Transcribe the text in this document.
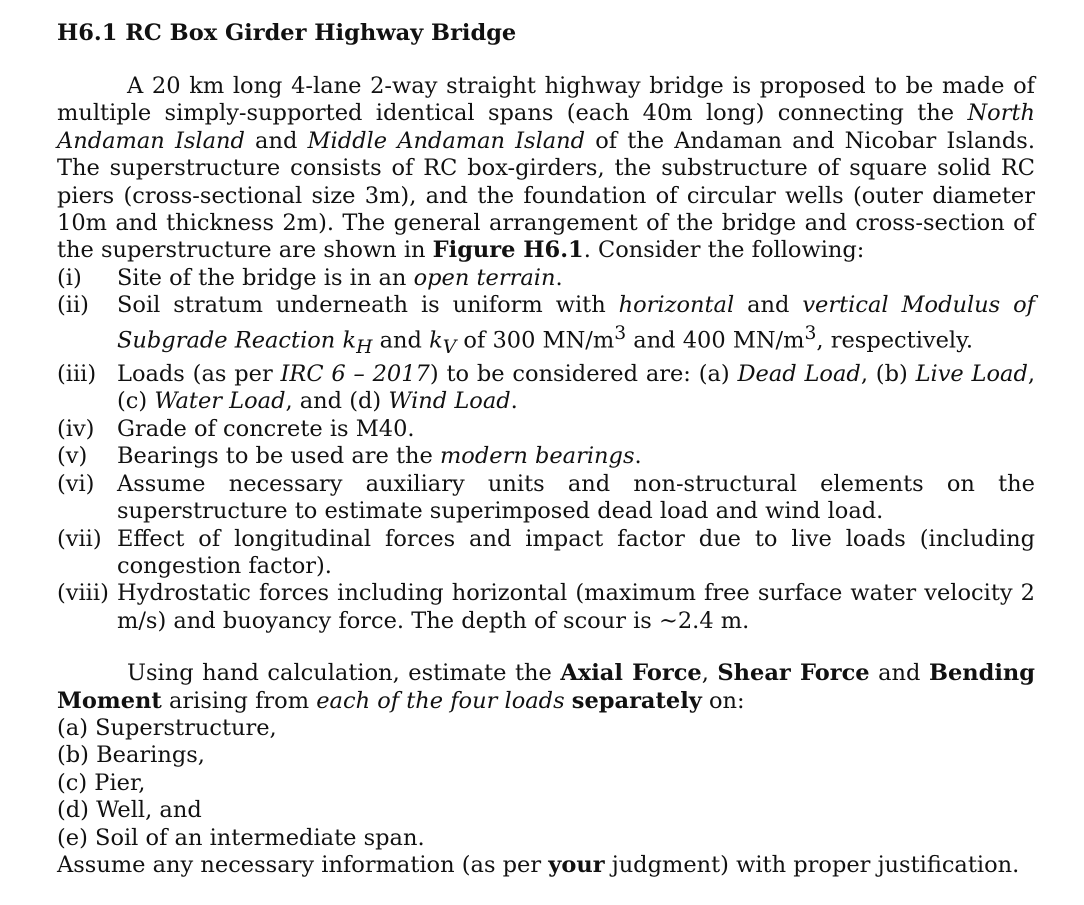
H6.1 RC Box Girder Highway Bridge

A 20 km long 4-lane 2-way straight highway bridge is proposed to be made of multiple simply-supported identical spans (each 40m long) connecting the North Andaman Island and Middle Andaman Island of the Andaman and Nicobar Islands. The superstructure consists of RC box-girders, the substructure of square solid RC piers (cross-sectional size 3m), and the foundation of circular wells (outer diameter 10m and thickness 2m). The general arrangement of the bridge and cross-section of the superstructure are shown in Figure H6.1. Consider the following:

(i)	Site of the bridge is in an open terrain.
(ii)	Soil stratum underneath is uniform with horizontal and vertical Modulus of Subgrade Reaction $k_H$ and $k_V$ of 300 $MN/m^3$ and 400 $MN/m^3$, respectively.
(iii) Loads (as per IRC 6 – 2017) to be considered are: (a) Dead Load, (b) Live Load, (c) Water Load, and (d) Wind Load.
(iv)	Grade of concrete is M40.
(v)	Bearings to be used are the modern bearings.
(vi)	Assume necessary auxiliary units and non-structural elements on the superstructure to estimate superimposed dead load and wind load.
(vii) Effect of longitudinal forces and impact factor due to live loads (including congestion factor).
(viii) Hydrostatic forces including horizontal (maximum free surface water velocity 2 m/s) and buoyancy force. The depth of scour is ~2.4 m.

Using hand calculation, estimate the Axial Force, Shear Force and Bending Moment arising from each of the four loads separately on:

(a) Superstructure,
(b) Bearings,
(c) Pier,
(d) Well, and
(e) Soil of an intermediate span.

Assume any necessary information (as per your judgment) with proper justification.
